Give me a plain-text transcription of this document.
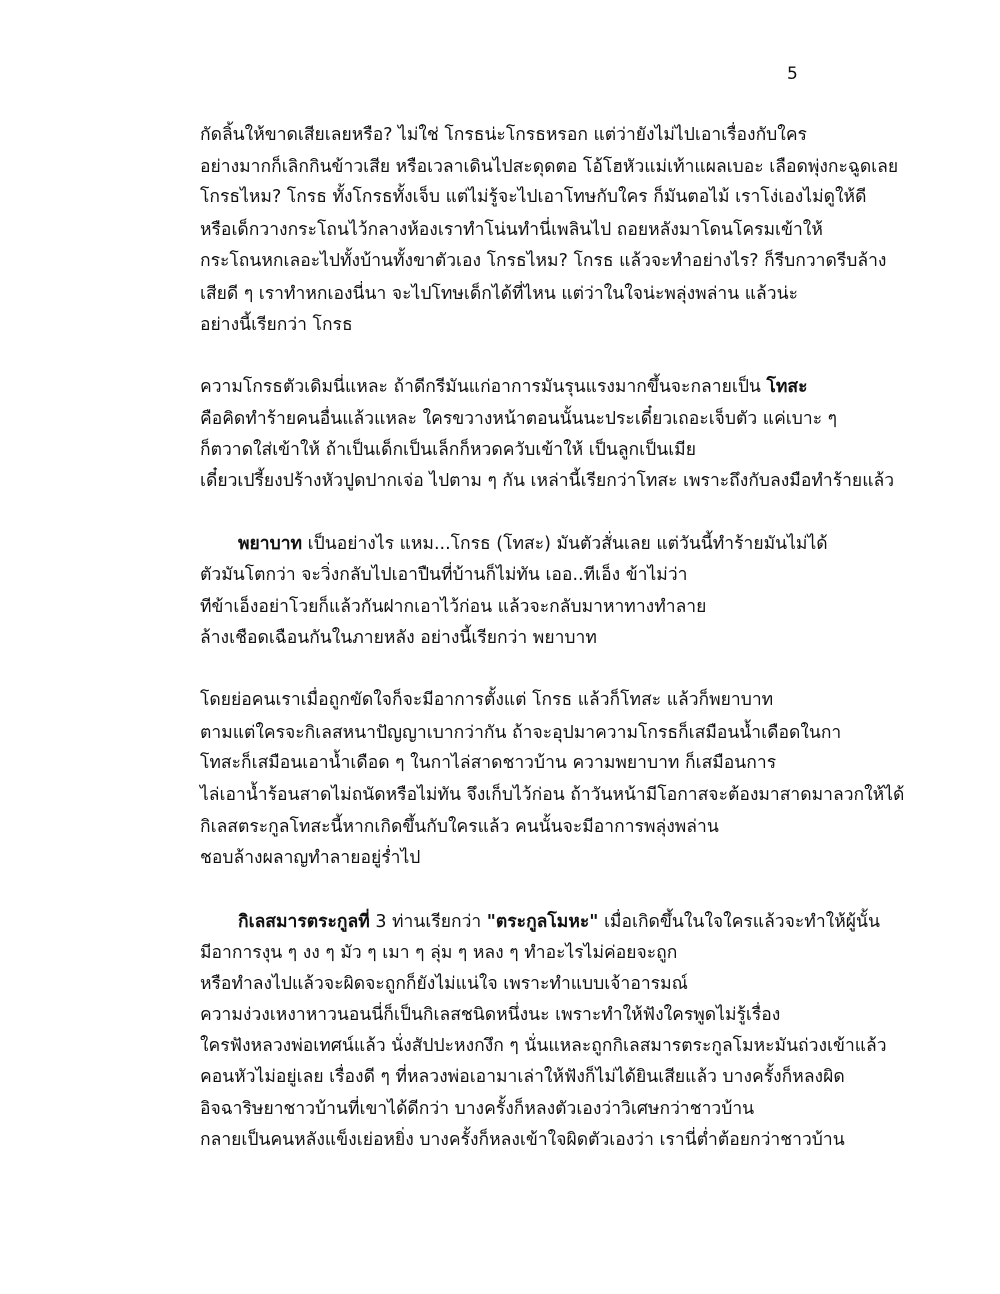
5
กัดลิ้นให้ขาดเสียเลยหรือ? ไม่ใช่ โกรธน่ะโกรธหรอก แต่ว่ายังไม่ไปเอาเรื่องกับใคร
อย่างมากก็เลิกกินข้าวเสีย หรือเวลาเดินไปสะดุดตอ โอ้โฮหัวแม่เท้าแผลเบอะ เลือดพุ่งกะฉูดเลย
โกรธไหม? โกรธ ทั้งโกรธทั้งเจ็บ แต่ไม่รู้จะไปเอาโทษกับใคร ก็มันตอไม้ เราโง่เองไม่ดูให้ดี
หรือเด็กวางกระโถนไว้กลางห้องเราทำโน่นทำนี่เพลินไป ถอยหลังมาโดนโครมเข้าให้
กระโถนหกเลอะไปทั้งบ้านทั้งขาตัวเอง โกรธไหม? โกรธ แล้วจะทำอย่างไร? ก็รีบกวาดรีบล้าง
เสียดี ๆ เราทำหกเองนี่นา จะไปโทษเด็กได้ที่ไหน แต่ว่าในใจน่ะพลุ่งพล่าน แล้วน่ะ
อย่างนี้เรียกว่า โกรธ
ความโกรธตัวเดิมนี่แหละ ถ้าดีกรีมันแก่อาการมันรุนแรงมากขึ้นจะกลายเป็น โทสะ
คือคิดทำร้ายคนอื่นแล้วแหละ ใครขวางหน้าตอนนั้นนะประเดี๋ยวเถอะเจ็บตัว แค่เบาะ ๆ
ก็ตวาดใส่เข้าให้ ถ้าเป็นเด็กเป็นเล็กก็หวดควับเข้าให้ เป็นลูกเป็นเมีย
เดี๋ยวเปรี้ยงปร้างหัวปูดปากเจ่อ ไปตาม ๆ กัน เหล่านี้เรียกว่าโทสะ เพราะถึงกับลงมือทำร้ายแล้ว
พยาบาท เป็นอย่างไร แหม...โกรธ (โทสะ) มันตัวสั่นเลย แต่วันนี้ทำร้ายมันไม่ได้
ตัวมันโตกว่า จะวิ่งกลับไปเอาปืนที่บ้านก็ไม่ทัน เออ..ทีเอ็ง ข้าไม่ว่า
ทีข้าเอ็งอย่าโวยก็แล้วกันฝากเอาไว้ก่อน แล้วจะกลับมาหาทางทำลาย
ล้างเชือดเฉือนกันในภายหลัง อย่างนี้เรียกว่า พยาบาท
โดยย่อคนเราเมื่อถูกขัดใจก็จะมีอาการตั้งแต่ โกรธ แล้วก็โทสะ แล้วก็พยาบาท
ตามแต่ใครจะกิเลสหนาปัญญาเบากว่ากัน ถ้าจะอุปมาความโกรธก็เสมือนน้ำเดือดในกา
โทสะก็เสมือนเอาน้ำเดือด ๆ ในกาไล่สาดชาวบ้าน ความพยาบาท ก็เสมือนการ
ไล่เอาน้ำร้อนสาดไม่ถนัดหรือไม่ทัน จึงเก็บไว้ก่อน ถ้าวันหน้ามีโอกาสจะต้องมาสาดมาลวกให้ได้
กิเลสตระกูลโทสะนี้หากเกิดขึ้นกับใครแล้ว คนนั้นจะมีอาการพลุ่งพล่าน
ชอบล้างผลาญทำลายอยู่ร่ำไป
กิเลสมารตระกูลที่ 3 ท่านเรียกว่า "ตระกูลโมหะ" เมื่อเกิดขึ้นในใจใครแล้วจะทำให้ผู้นั้น
มีอาการงุน ๆ งง ๆ มัว ๆ เมา ๆ ลุ่ม ๆ หลง ๆ ทำอะไรไม่ค่อยจะถูก
หรือทำลงไปแล้วจะผิดจะถูกก็ยังไม่แน่ใจ เพราะทำแบบเจ้าอารมณ์
ความง่วงเหงาหาวนอนนี่ก็เป็นกิเลสชนิดหนึ่งนะ เพราะทำให้ฟังใครพูดไม่รู้เรื่อง
ใครฟังหลวงพ่อเทศน์แล้ว นั่งสัปปะหงกงึก ๆ นั่นแหละถูกกิเลสมารตระกูลโมหะมันถ่วงเข้าแล้ว
คอนหัวไม่อยู่เลย เรื่องดี ๆ ที่หลวงพ่อเอามาเล่าให้ฟังก็ไม่ได้ยินเสียแล้ว บางครั้งก็หลงผิด
อิจฉาริษยาชาวบ้านที่เขาได้ดีกว่า บางครั้งก็หลงตัวเองว่าวิเศษกว่าชาวบ้าน
กลายเป็นคนหลังแข็งเย่อหยิ่ง บางครั้งก็หลงเข้าใจผิดตัวเองว่า เรานี่ต่ำต้อยกว่าชาวบ้าน
